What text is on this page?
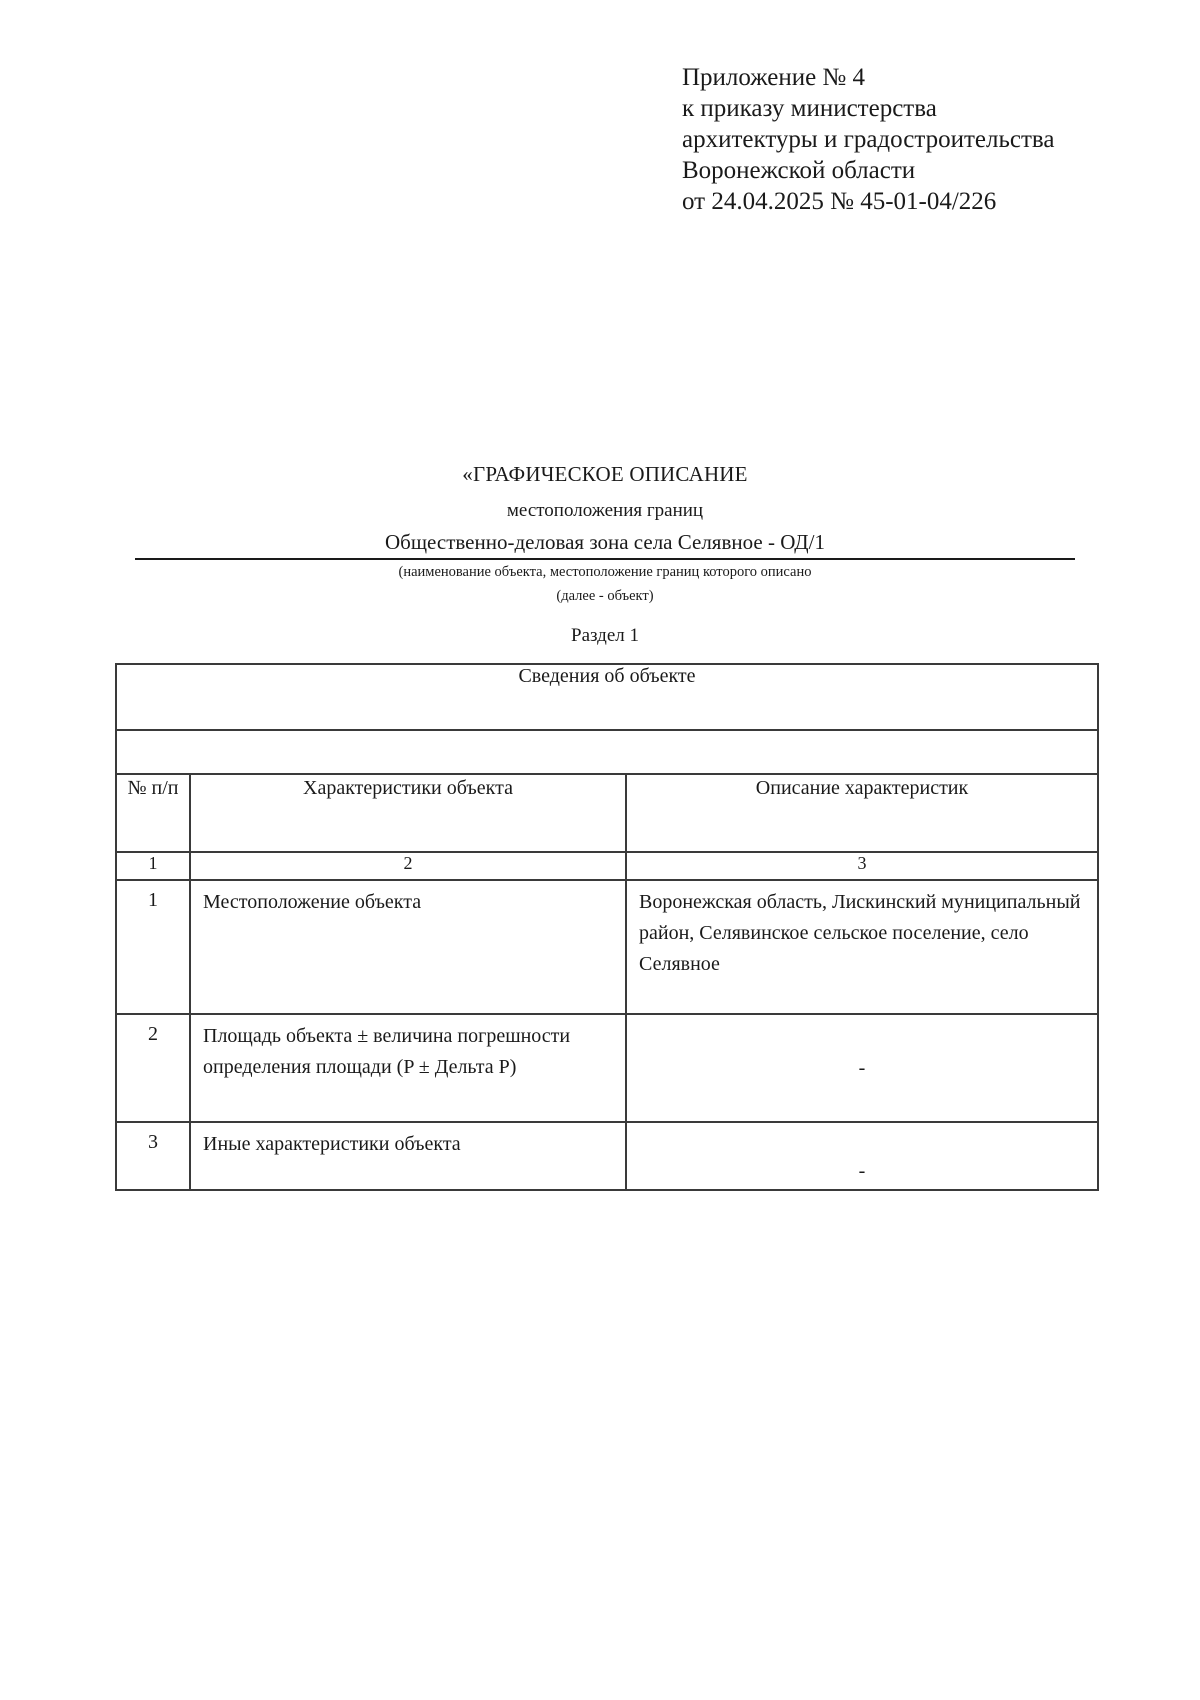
Приложение № 4
к приказу министерства
архитектуры и градостроительства
Воронежской области
от 24.04.2025 № 45-01-04/226
«ГРАФИЧЕСКОЕ ОПИСАНИЕ
местоположения границ
Общественно-деловая зона села Селявное - ОД/1
(наименование объекта, местоположение границ которого описано
(далее - объект)
Раздел 1
Сведения об объекте		

№ п/п	Характеристики объекта	Описание характеристик
1	2	3
1	Местоположение объекта	Воронежская область, Лискинский муниципальный район, Селявинское сельское поселение, село Селявное
2	Площадь объекта ± величина погрешности определения площади (P ± Дельта P)	-
3	Иные характеристики объекта	-
